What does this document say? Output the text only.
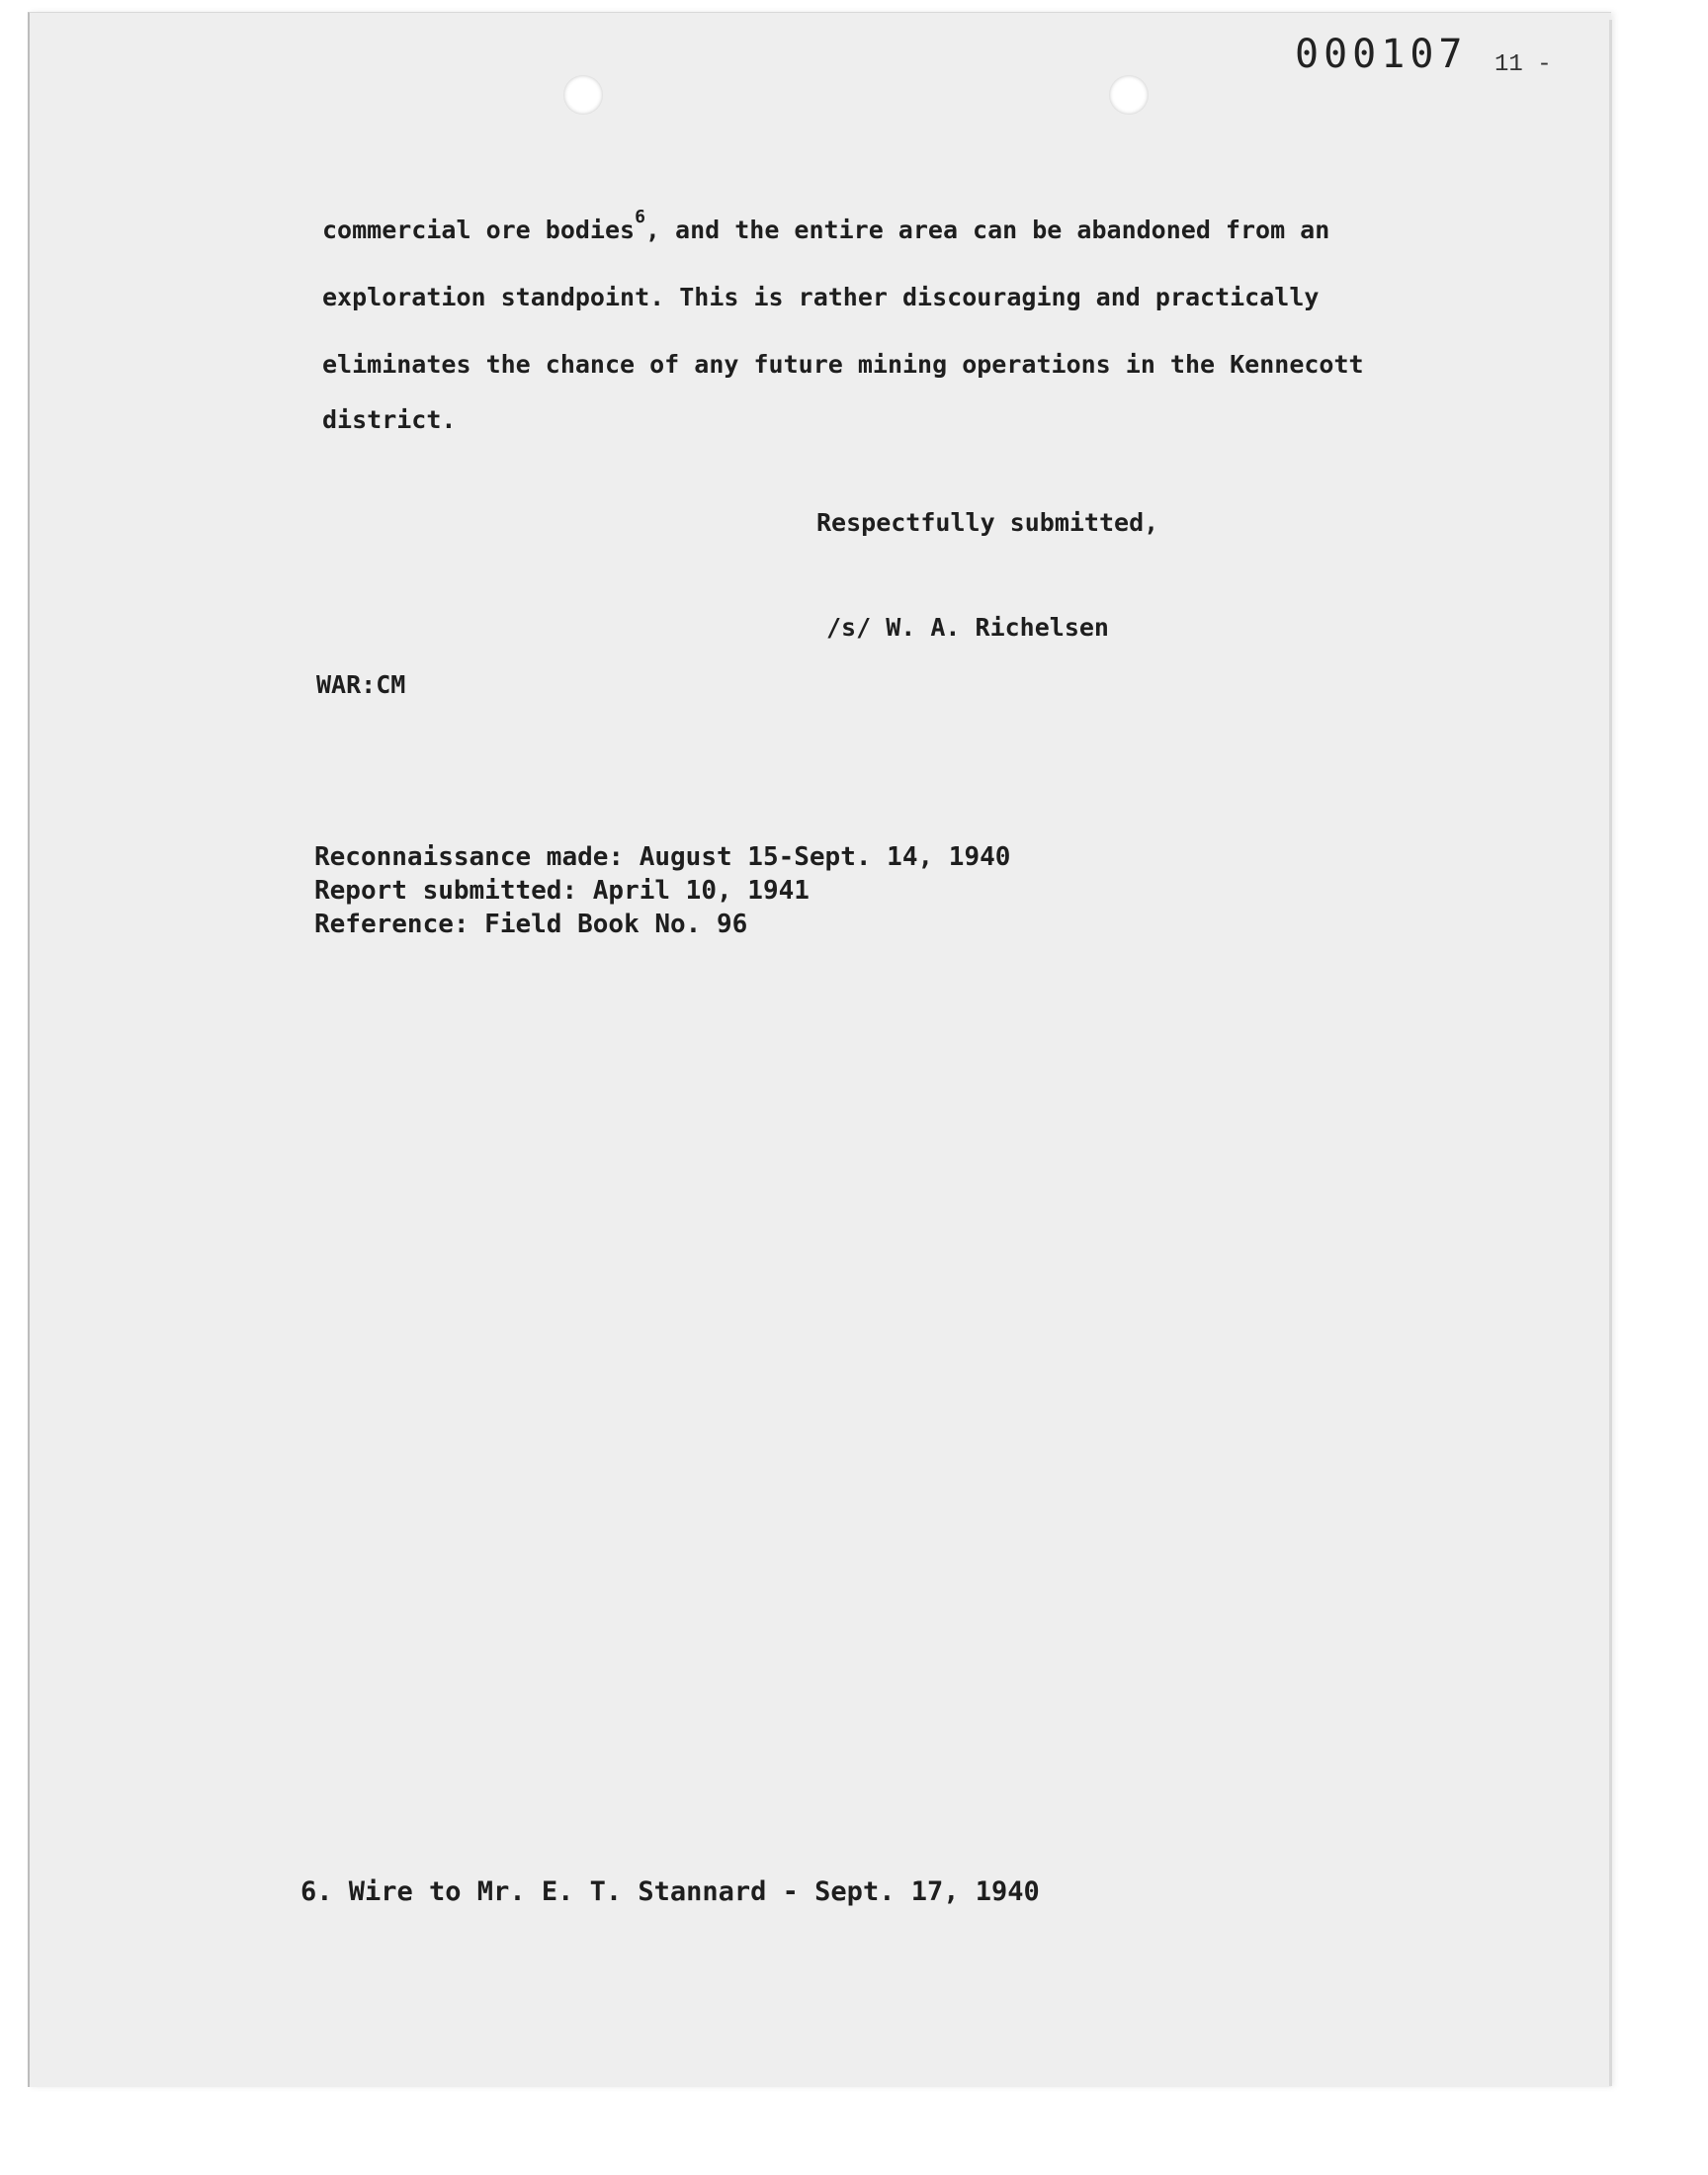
000107 11 -
commercial ore bodies$^6$, and the entire area can be abandoned from an
exploration standpoint. This is rather discouraging and practically
eliminates the chance of any future mining operations in the Kennecott
district.
Respectfully submitted,
/s/ W. A. Richelsen
WAR:CM
Reconnaissance made: August 15-Sept. 14, 1940
Report submitted: April 10, 1941
Reference: Field Book No. 96
6. Wire to Mr. E. T. Stannard - Sept. 17, 1940
